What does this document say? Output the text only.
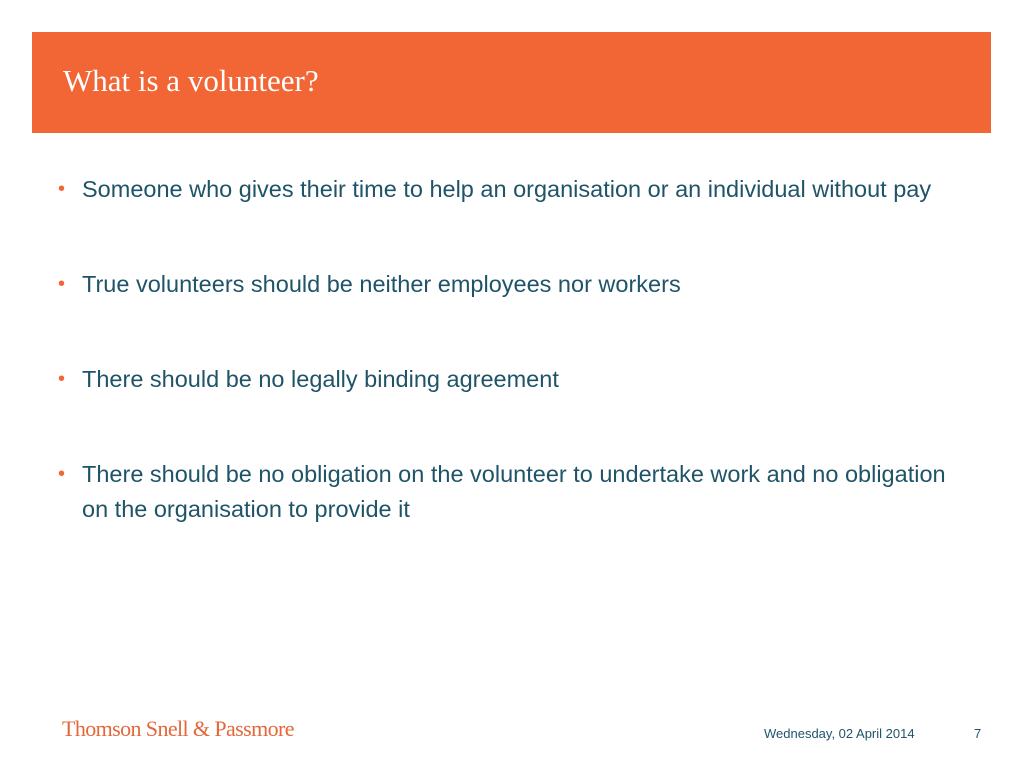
What is a volunteer?
• Someone who gives their time to help an organisation or an individual without pay
• True volunteers should be neither employees nor workers
• There should be no legally binding agreement
• There should be no obligation on the volunteer to undertake work and no obligation on the organisation to provide it
Thomson Snell & Passmore	Wednesday, 02 April 2014	7
